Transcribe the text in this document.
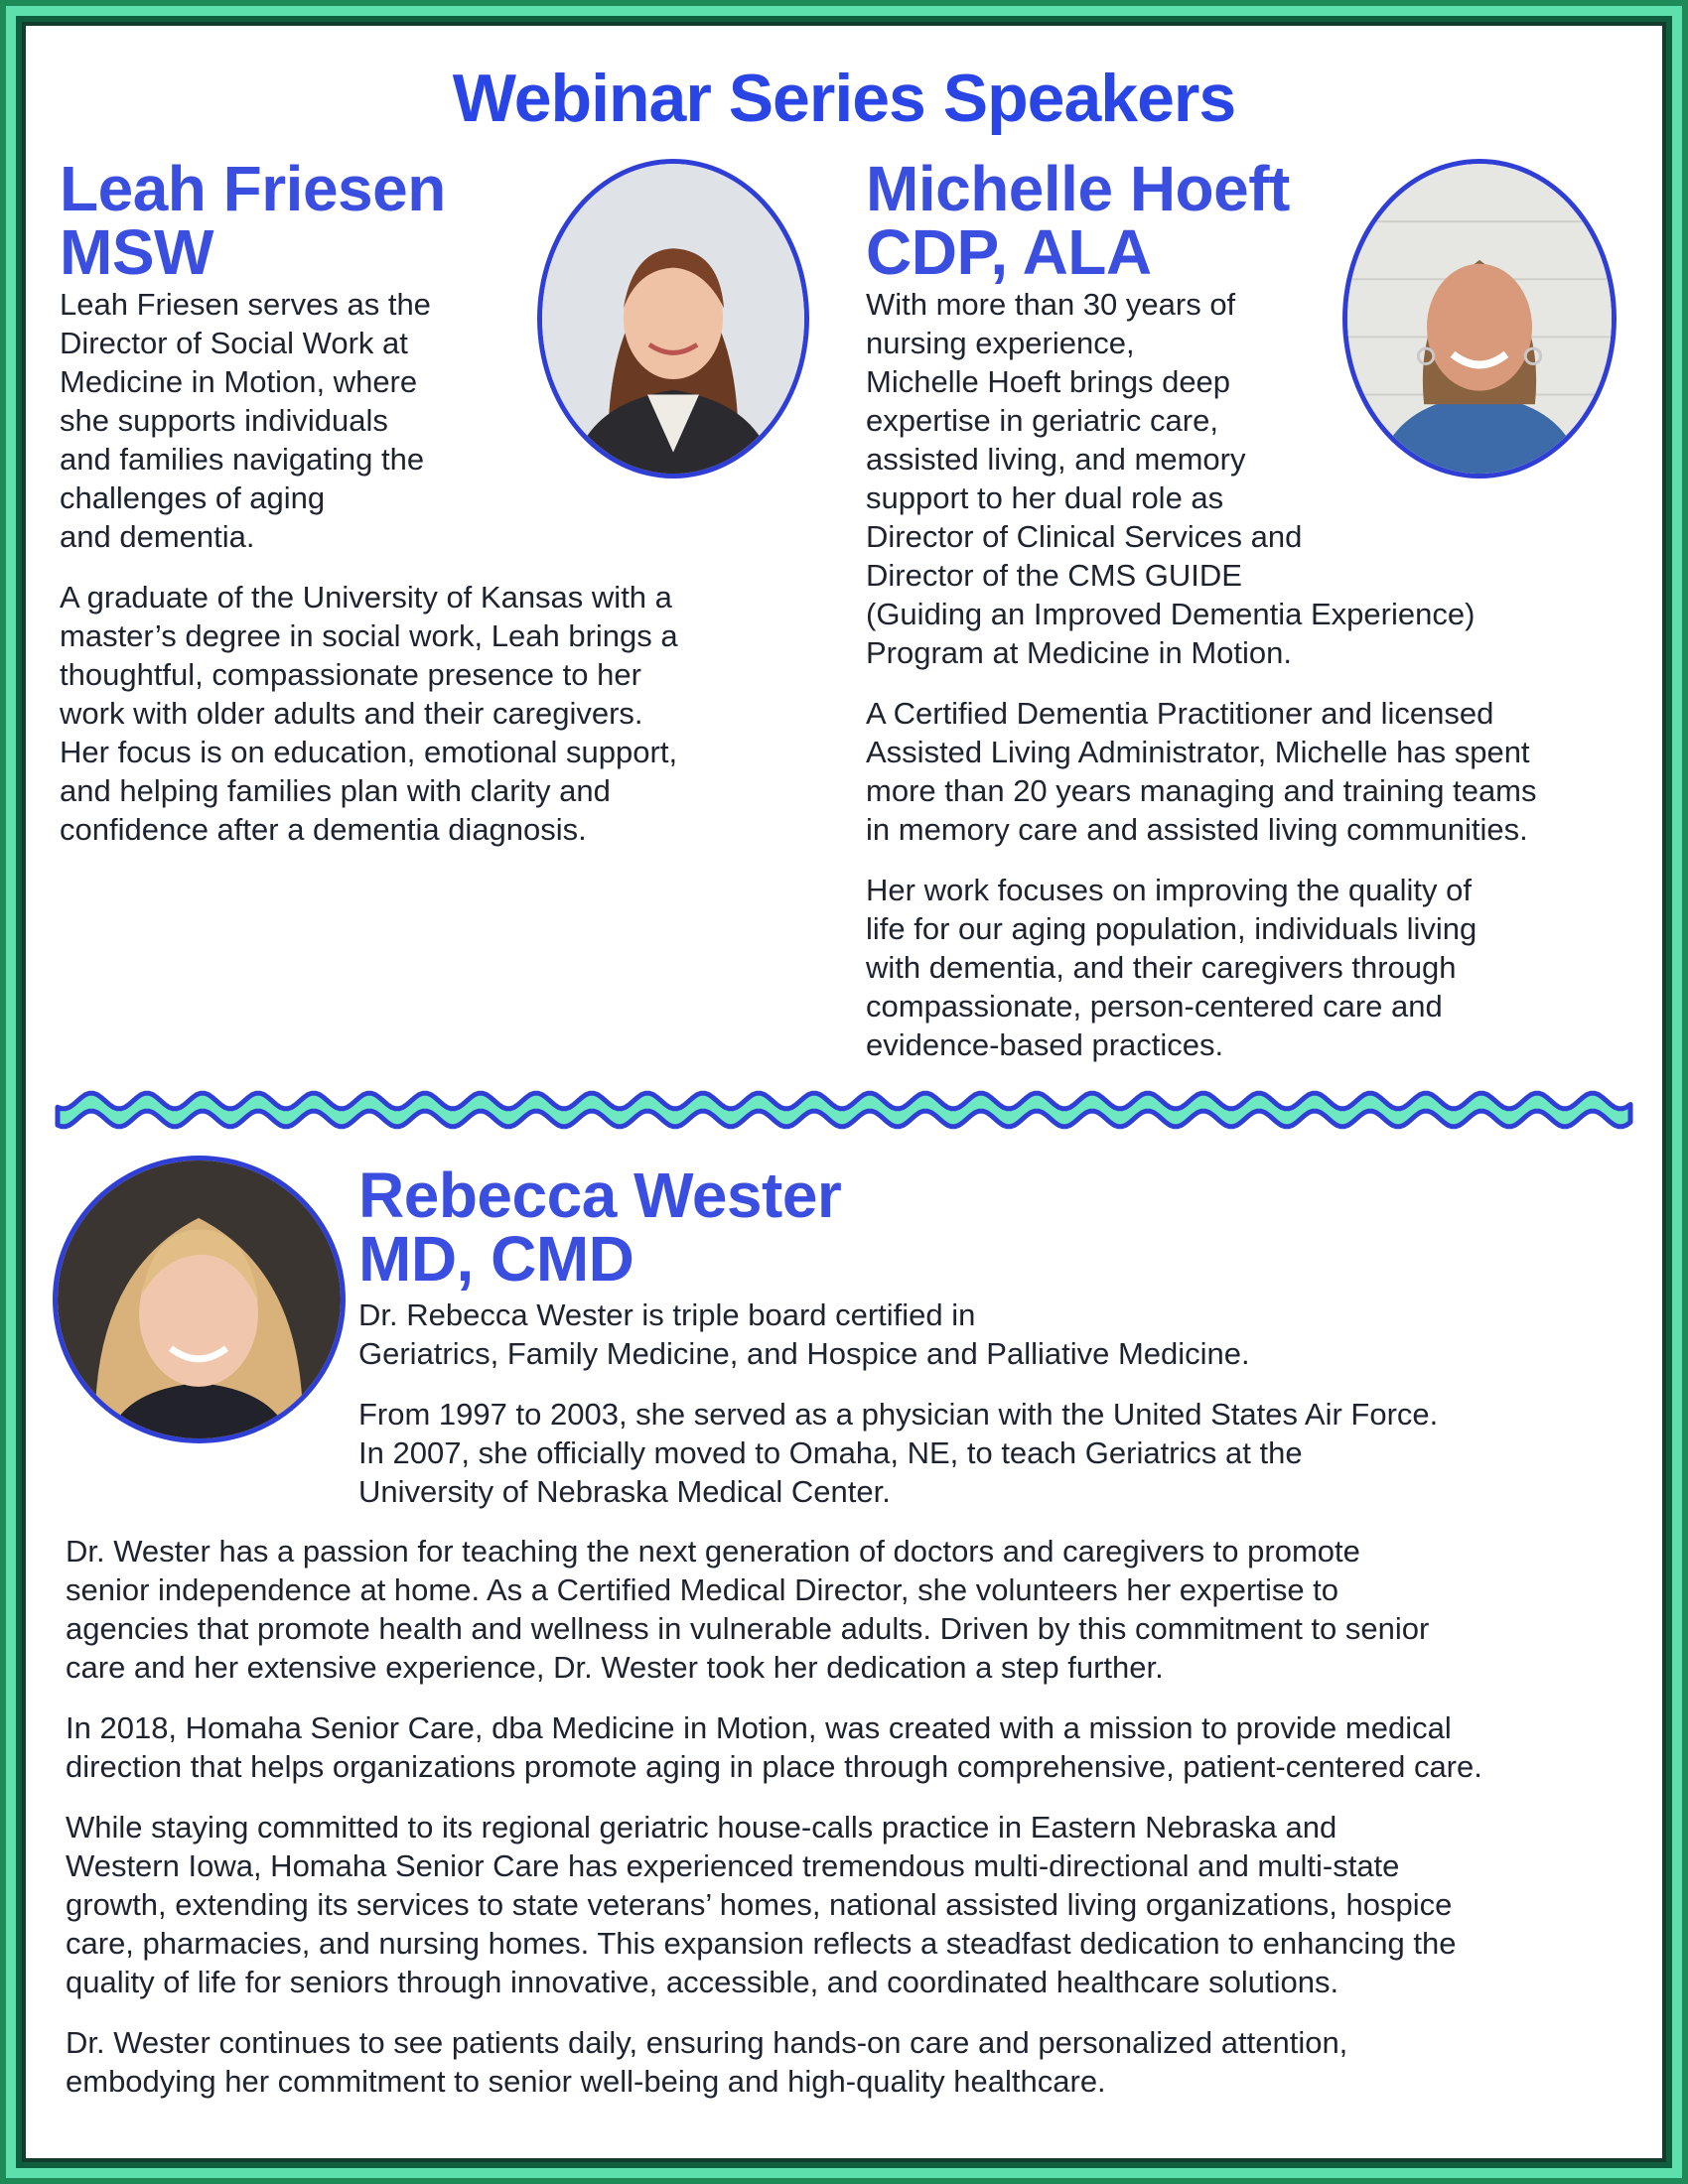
Webinar Series Speakers
Leah Friesen
MSW

Leah Friesen serves as the
Director of Social Work at
Medicine in Motion, where
she supports individuals
and families navigating the
challenges of aging
and dementia.

A graduate of the University of Kansas with a
master’s degree in social work, Leah brings a
thoughtful, compassionate presence to her
work with older adults and their caregivers.
Her focus is on education, emotional support,
and helping families plan with clarity and
confidence after a dementia diagnosis.

Michelle Hoeft
CDP, ALA

With more than 30 years of
nursing experience,
Michelle Hoeft brings deep
expertise in geriatric care,
assisted living, and memory
support to her dual role as
Director of Clinical Services and
Director of the CMS GUIDE
(Guiding an Improved Dementia Experience)
Program at Medicine in Motion.

A Certified Dementia Practitioner and licensed
Assisted Living Administrator, Michelle has spent
more than 20 years managing and training teams
in memory care and assisted living communities.

Her work focuses on improving the quality of
life for our aging population, individuals living
with dementia, and their caregivers through
compassionate, person-centered care and
evidence-based practices.

Rebecca Wester
MD, CMD

Dr. Rebecca Wester is triple board certified in
Geriatrics, Family Medicine, and Hospice and Palliative Medicine.

From 1997 to 2003, she served as a physician with the United States Air Force.
In 2007, she officially moved to Omaha, NE, to teach Geriatrics at the
University of Nebraska Medical Center.

Dr. Wester has a passion for teaching the next generation of doctors and caregivers to promote
senior independence at home. As a Certified Medical Director, she volunteers her expertise to
agencies that promote health and wellness in vulnerable adults. Driven by this commitment to senior
care and her extensive experience, Dr. Wester took her dedication a step further.

In 2018, Homaha Senior Care, dba Medicine in Motion, was created with a mission to provide medical
direction that helps organizations promote aging in place through comprehensive, patient-centered care.

While staying committed to its regional geriatric house-calls practice in Eastern Nebraska and
Western Iowa, Homaha Senior Care has experienced tremendous multi-directional and multi-state
growth, extending its services to state veterans’ homes, national assisted living organizations, hospice
care, pharmacies, and nursing homes. This expansion reflects a steadfast dedication to enhancing the
quality of life for seniors through innovative, accessible, and coordinated healthcare solutions.

Dr. Wester continues to see patients daily, ensuring hands-on care and personalized attention,
embodying her commitment to senior well-being and high-quality healthcare.
